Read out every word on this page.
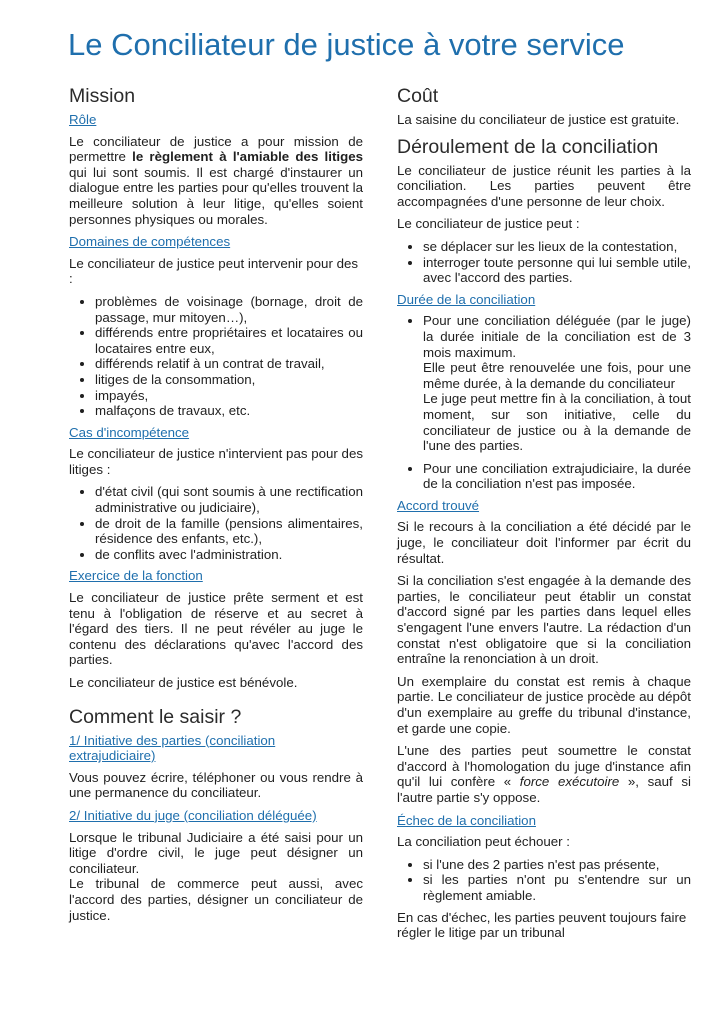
Le Conciliateur de justice à votre service
Mission
Rôle

Le conciliateur de justice a pour mission de permettre le règlement à l'amiable des litiges qui lui sont soumis. Il est chargé d'instaurer un dialogue entre les parties pour qu'elles trouvent la meilleure solution à leur litige, qu'elles soient personnes physiques ou morales.

Domaines de compétences

Le conciliateur de justice peut intervenir pour des :

• problèmes de voisinage (bornage, droit de passage, mur mitoyen…),
• différends entre propriétaires et locataires ou locataires entre eux,
• différends relatif à un contrat de travail,
• litiges de la consommation,
• impayés,
• malfaçons de travaux, etc.
Cas d'incompétence

Le conciliateur de justice n'intervient pas pour des litiges :

• d'état civil (qui sont soumis à une rectification administrative ou judiciaire),
• de droit de la famille (pensions alimentaires, résidence des enfants, etc.),
• de conflits avec l'administration.
Exercice de la fonction

Le conciliateur de justice prête serment et est tenu à l'obligation de réserve et au secret à l'égard des tiers. Il ne peut révéler au juge le contenu des déclarations qu'avec l'accord des parties.

Le conciliateur de justice est bénévole.

Comment le saisir ?
1/ Initiative des parties (conciliation extrajudiciaire)

Vous pouvez écrire, téléphoner ou vous rendre à une permanence du conciliateur.

2/ Initiative du juge (conciliation déléguée)

Lorsque le tribunal Judiciaire a été saisi pour un litige d'ordre civil, le juge peut désigner un conciliateur.
Le tribunal de commerce peut aussi, avec l'accord des parties, désigner un conciliateur de justice.

Coût

La saisine du conciliateur de justice est gratuite.

Déroulement de la conciliation

Le conciliateur de justice réunit les parties à la conciliation. Les parties peuvent être accompagnées d'une personne de leur choix.

Le conciliateur de justice peut :

• se déplacer sur les lieux de la contestation,
• interroger toute personne qui lui semble utile, avec l'accord des parties.
Durée de la conciliation
• Pour une conciliation déléguée (par le juge) la durée initiale de la conciliation est de 3 mois maximum.
Elle peut être renouvelée une fois, pour une même durée, à la demande du conciliateur
Le juge peut mettre fin à la conciliation, à tout moment, sur son initiative, celle du conciliateur de justice ou à la demande de l'une des parties.
• Pour une conciliation extrajudiciaire, la durée de la conciliation n'est pas imposée.
Accord trouvé

Si le recours à la conciliation a été décidé par le juge, le conciliateur doit l'informer par écrit du résultat.

Si la conciliation s'est engagée à la demande des parties, le conciliateur peut établir un constat d'accord signé par les parties dans lequel elles s'engagent l'une envers l'autre. La rédaction d'un constat n'est obligatoire que si la conciliation entraîne la renonciation à un droit.

Un exemplaire du constat est remis à chaque partie. Le conciliateur de justice procède au dépôt d'un exemplaire au greffe du tribunal d'instance, et garde une copie.

L'une des parties peut soumettre le constat d'accord à l'homologation du juge d'instance afin qu'il lui confère « force exécutoire », sauf si l'autre partie s'y oppose.

Échec de la conciliation

La conciliation peut échouer :

• si l'une des 2 parties n'est pas présente,
• si les parties n'ont pu s'entendre sur un règlement amiable.

En cas d'échec, les parties peuvent toujours faire régler le litige par un tribunal
